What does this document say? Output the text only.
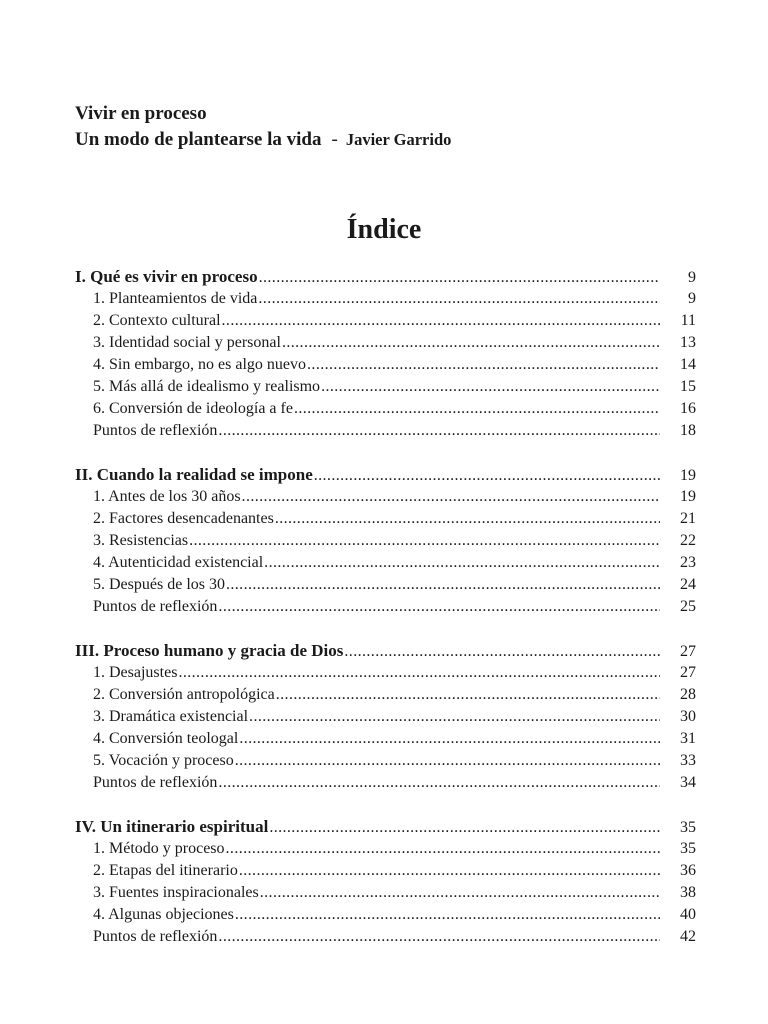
Vivir en proceso

Un modo de plantearse la vida - Javier Garrido

Índice
I. Qué es vivir en proceso .....	9
1. Planteamientos de vida .....	9
2. Contexto cultural .....	11
3. Identidad social y personal .....	13
4. Sin embargo, no es algo nuevo .....	14
5. Más allá de idealismo y realismo .....	15
6. Conversión de ideología a fe .....	16
Puntos de reflexión .....	18
II. Cuando la realidad se impone .....	19
1. Antes de los 30 años .....	19
2. Factores desencadenantes .....	21
3. Resistencias .....	22
4. Autenticidad existencial .....	23
5. Después de los 30 .....	24
Puntos de reflexión .....	25
III. Proceso humano y gracia de Dios .....	27
1. Desajustes .....	27
2. Conversión antropológica .....	28
3. Dramática existencial .....	30
4. Conversión teologal .....	31
5. Vocación y proceso .....	33
Puntos de reflexión .....	34
IV. Un itinerario espiritual .....	35
1. Método y proceso .....	35
2. Etapas del itinerario .....	36
3. Fuentes inspiracionales .....	38
4. Algunas objeciones .....	40
Puntos de reflexión .....	42
